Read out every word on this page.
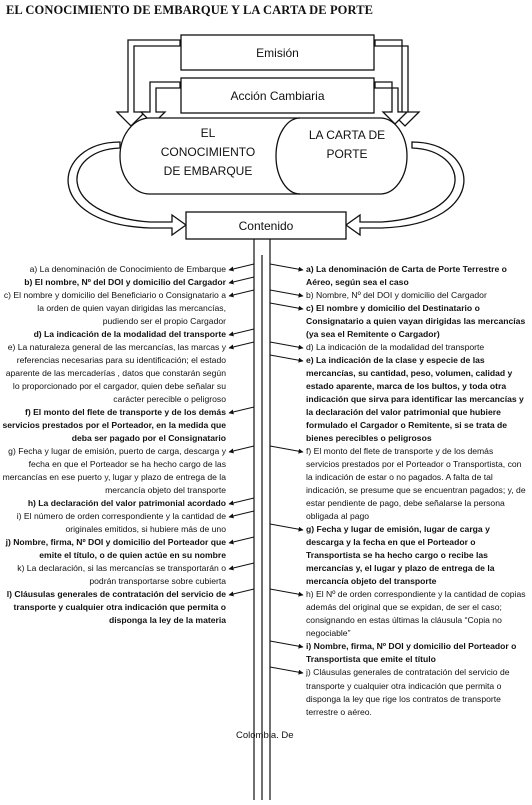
EL CONOCIMIENTO DE EMBARQUE Y LA CARTA DE PORTE
Emisión
Acción Cambiaria
Contenido
EL
CONOCIMIENTO
DE EMBARQUE
LA CARTA DE
PORTE

a) La denominación de Conocimiento de Embarque

b) El nombre, Nº del DOI y domicilio del Cargador

c) El nombre y domicilio del Beneficiario o Consignatario a la orden de quien vayan dirigidas las mercancías, pudiendo ser el propio Cargador

d) La indicación de la modalidad del transporte

e) La naturaleza general de las mercancías, las marcas y referencias necesarias para su identificación; el estado aparente de las mercaderías , datos que constarán según lo proporcionado por el cargador, quien debe señalar su carácter perecible o peligroso

f) El monto del flete de transporte y de los demás servicios prestados por el Porteador, en la medida que deba ser pagado por el Consignatario

g) Fecha y lugar de emisión, puerto de carga, descarga y fecha en que el Porteador se ha hecho cargo de las mercancías en ese puerto y, lugar y plazo de entrega de la mercancía objeto del transporte

h) La declaración del valor patrimonial acordado

i) El número de orden correspondiente y la cantidad de originales emitidos, si hubiere más de uno

j) Nombre, firma, Nº DOI y domicilio del Porteador que emite el título, o de quien actúe en su nombre

k) La declaración, si las mercancías se transportarán o podrán transportarse sobre cubierta

l) Cláusulas generales de contratación del servicio de transporte y cualquier otra indicación que permita o disponga la ley de la materia

a) La denominación de Carta de Porte Terrestre o Aéreo, según sea el caso

b) Nombre, Nº del DOI y domicilio del Cargador

c) El nombre y domicilio del Destinatario o Consignatario a quien vayan dirigidas las mercancías (ya sea el Remitente o Cargador)

d) La indicación de la modalidad del transporte

e) La indicación de la clase y especie de las mercancías, su cantidad, peso, volumen, calidad y estado aparente, marca de los bultos, y toda otra indicación que sirva para identificar las mercancías y la declaración del valor patrimonial que hubiere formulado el Cargador o Remitente, si se trata de bienes perecibles o peligrosos

f) El monto del flete de transporte y de los demás servicios prestados por el Porteador o Transportista, con la indicación de estar o no pagados. A falta de tal indicación, se presume que se encuentran pagados; y, de estar pendiente de pago, debe señalarse la persona obligada al pago

g) Fecha y lugar de emisión, lugar de carga y descarga y la fecha en que el Porteador o Transportista se ha hecho cargo o recibe las mercancías y, el lugar y plazo de entrega de la mercancía objeto del transporte

h) El Nº de orden correspondiente y la cantidad de copias además del original que se expidan, de ser el caso; consignando en estas últimas la cláusula “Copia no negociable”

i) Nombre, firma, Nº DOI y domicilio del Porteador o Transportista que emite el título

j) Cláusulas generales de contratación del servicio de transporte y cualquier otra indicación que permita o disponga la ley que rige los contratos de transporte terrestre o aéreo.

Colombia. De
